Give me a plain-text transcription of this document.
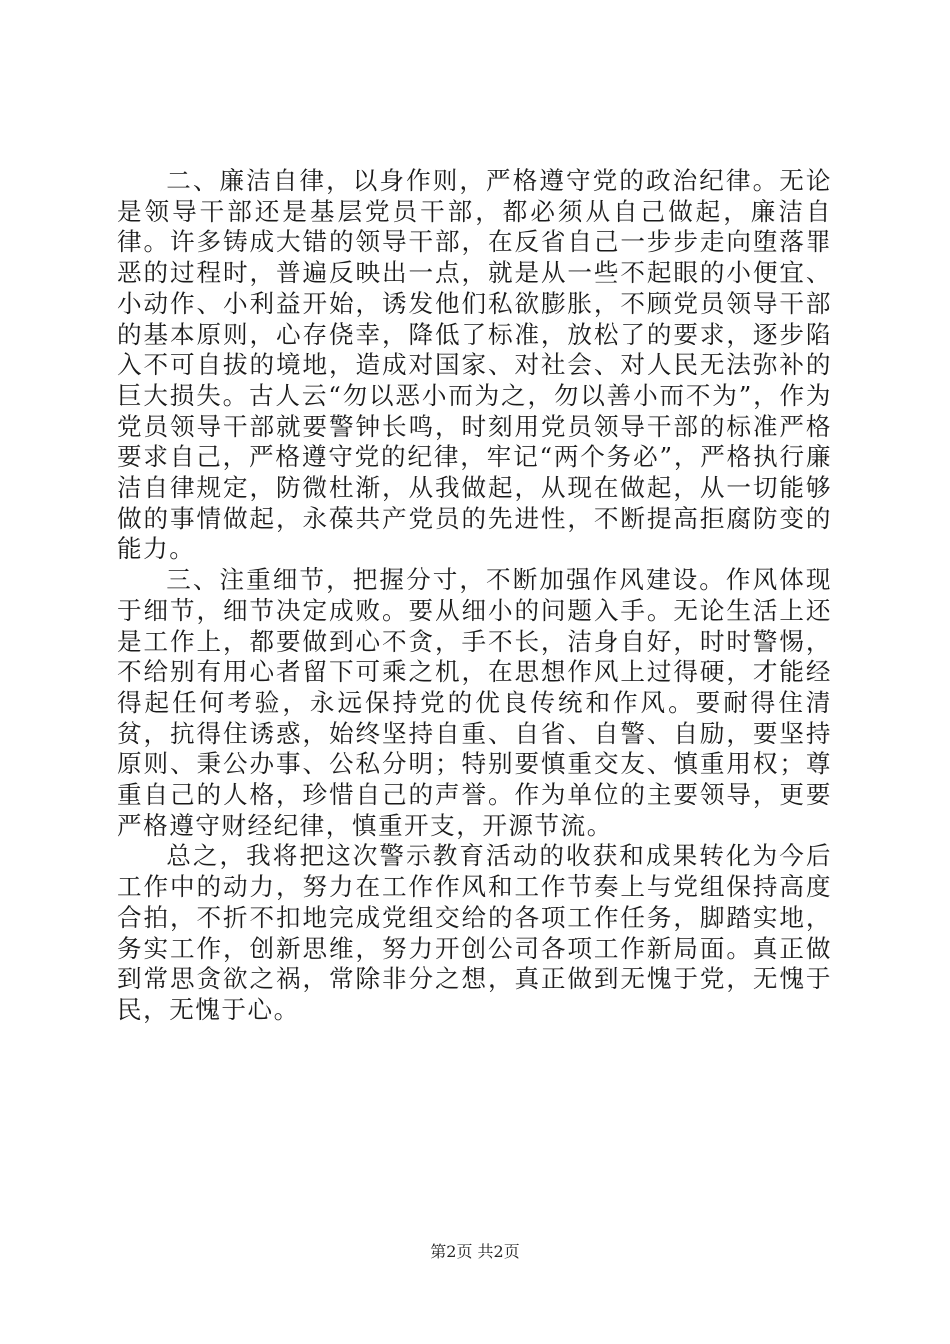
二、廉洁自律，以身作则，严格遵守党的政治纪律。无论是领导干部还是基层党员干部，都必须从自己做起，廉洁自律。许多铸成大错的领导干部，在反省自己一步步走向堕落罪恶的过程时，普遍反映出一点，就是从一些不起眼的小便宜、小动作、小利益开始，诱发他们私欲膨胀，不顾党员领导干部的基本原则，心存侥幸，降低了标准，放松了的要求，逐步陷入不可自拔的境地，造成对国家、对社会、对人民无法弥补的巨大损失。古人云“勿以恶小而为之，勿以善小而不为”，作为党员领导干部就要警钟长鸣，时刻用党员领导干部的标准严格要求自己，严格遵守党的纪律，牢记“两个务必”，严格执行廉洁自律规定，防微杜渐，从我做起，从现在做起，从一切能够做的事情做起，永葆共产党员的先进性，不断提高拒腐防变的能力。

三、注重细节，把握分寸，不断加强作风建设。作风体现于细节，细节决定成败。要从细小的问题入手。无论生活上还是工作上，都要做到心不贪，手不长，洁身自好，时时警惕，不给别有用心者留下可乘之机，在思想作风上过得硬，才能经得起任何考验，永远保持党的优良传统和作风。要耐得住清贫，抗得住诱惑，始终坚持自重、自省、自警、自励，要坚持原则、秉公办事、公私分明；特别要慎重交友、慎重用权；尊重自己的人格，珍惜自己的声誉。作为单位的主要领导，更要严格遵守财经纪律，慎重开支，开源节流。

总之，我将把这次警示教育活动的收获和成果转化为今后工作中的动力，努力在工作作风和工作节奏上与党组保持高度合拍，不折不扣地完成党组交给的各项工作任务，脚踏实地，务实工作，创新思维，努力开创公司各项工作新局面。真正做到常思贪欲之祸，常除非分之想，真正做到无愧于党，无愧于民，无愧于心。

第2页 共2页
